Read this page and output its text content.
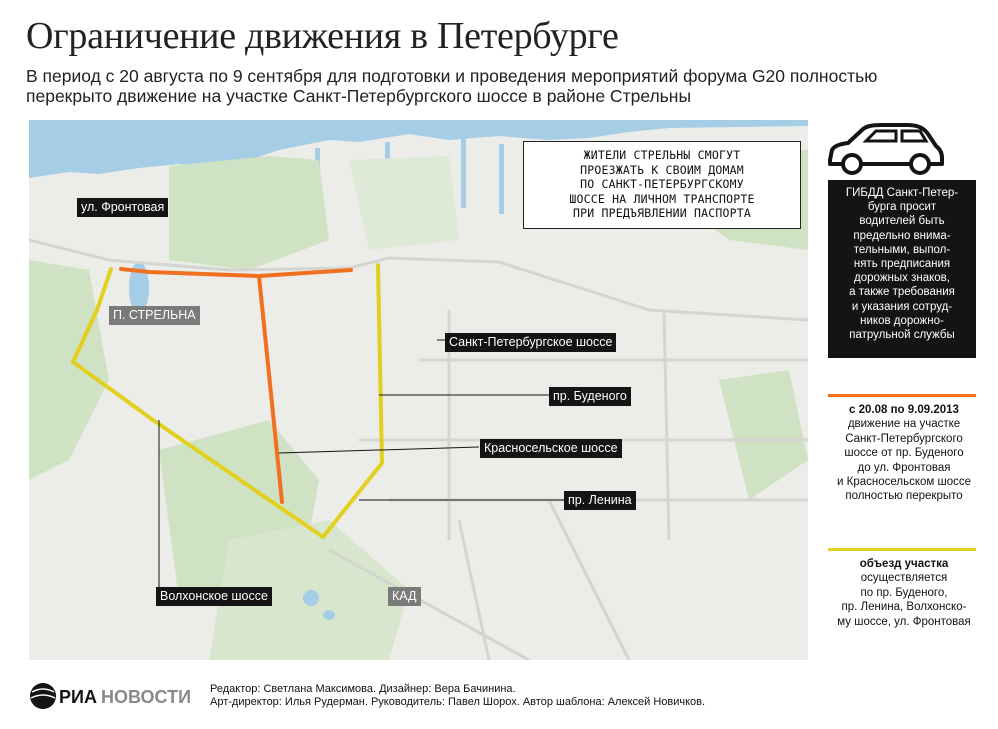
Ограничение движения в Петербурге
В период с 20 августа по 9 сентября для подготовки и проведения мероприятий форума G20 полностью перекрыто движение на участке Санкт-Петербургского шоссе в районе Стрельны
ул. Фронтовая
П. СТРЕЛЬНА
Санкт-Петербургское шоссе
пр. Буденого
Красносельское шоссе
пр. Ленина
Волхонское шоссе	КАД
ЖИТЕЛИ СТРЕЛЬНЫ СМОГУТ
ПРОЕЗЖАТЬ К СВОИМ ДОМАМ
ПО САНКТ-ПЕТЕРБУРГСКОМУ
ШОССЕ НА ЛИЧНОМ ТРАНСПОРТЕ
ПРИ ПРЕДЪЯВЛЕНИИ ПАСПОРТА
ГИБДД Санкт-Петер-
бурга просит
водителей быть
предельно внима-
тельными, выпол-
нять предписания
дорожных знаков,
а также требования
и указания сотруд-
ников дорожно-
патрульной службы
с 20.08 по 9.09.2013
движение на участке
Санкт-Петербургского
шоссе от пр. Буденого
до ул. Фронтовая
и Красносельском шоссе
полностью перекрыто
объезд участка
осуществляется
по пр. Буденого,
пр. Ленина, Волхонско-
му шоссе, ул. Фронтовая
РИА НОВОСТИ Редактор: Светлана Максимова. Дизайнер: Вера Бачинина.
Арт-директор: Илья Рудерман. Руководитель: Павел Шорох. Автор шаблона: Алексей Новичков.
